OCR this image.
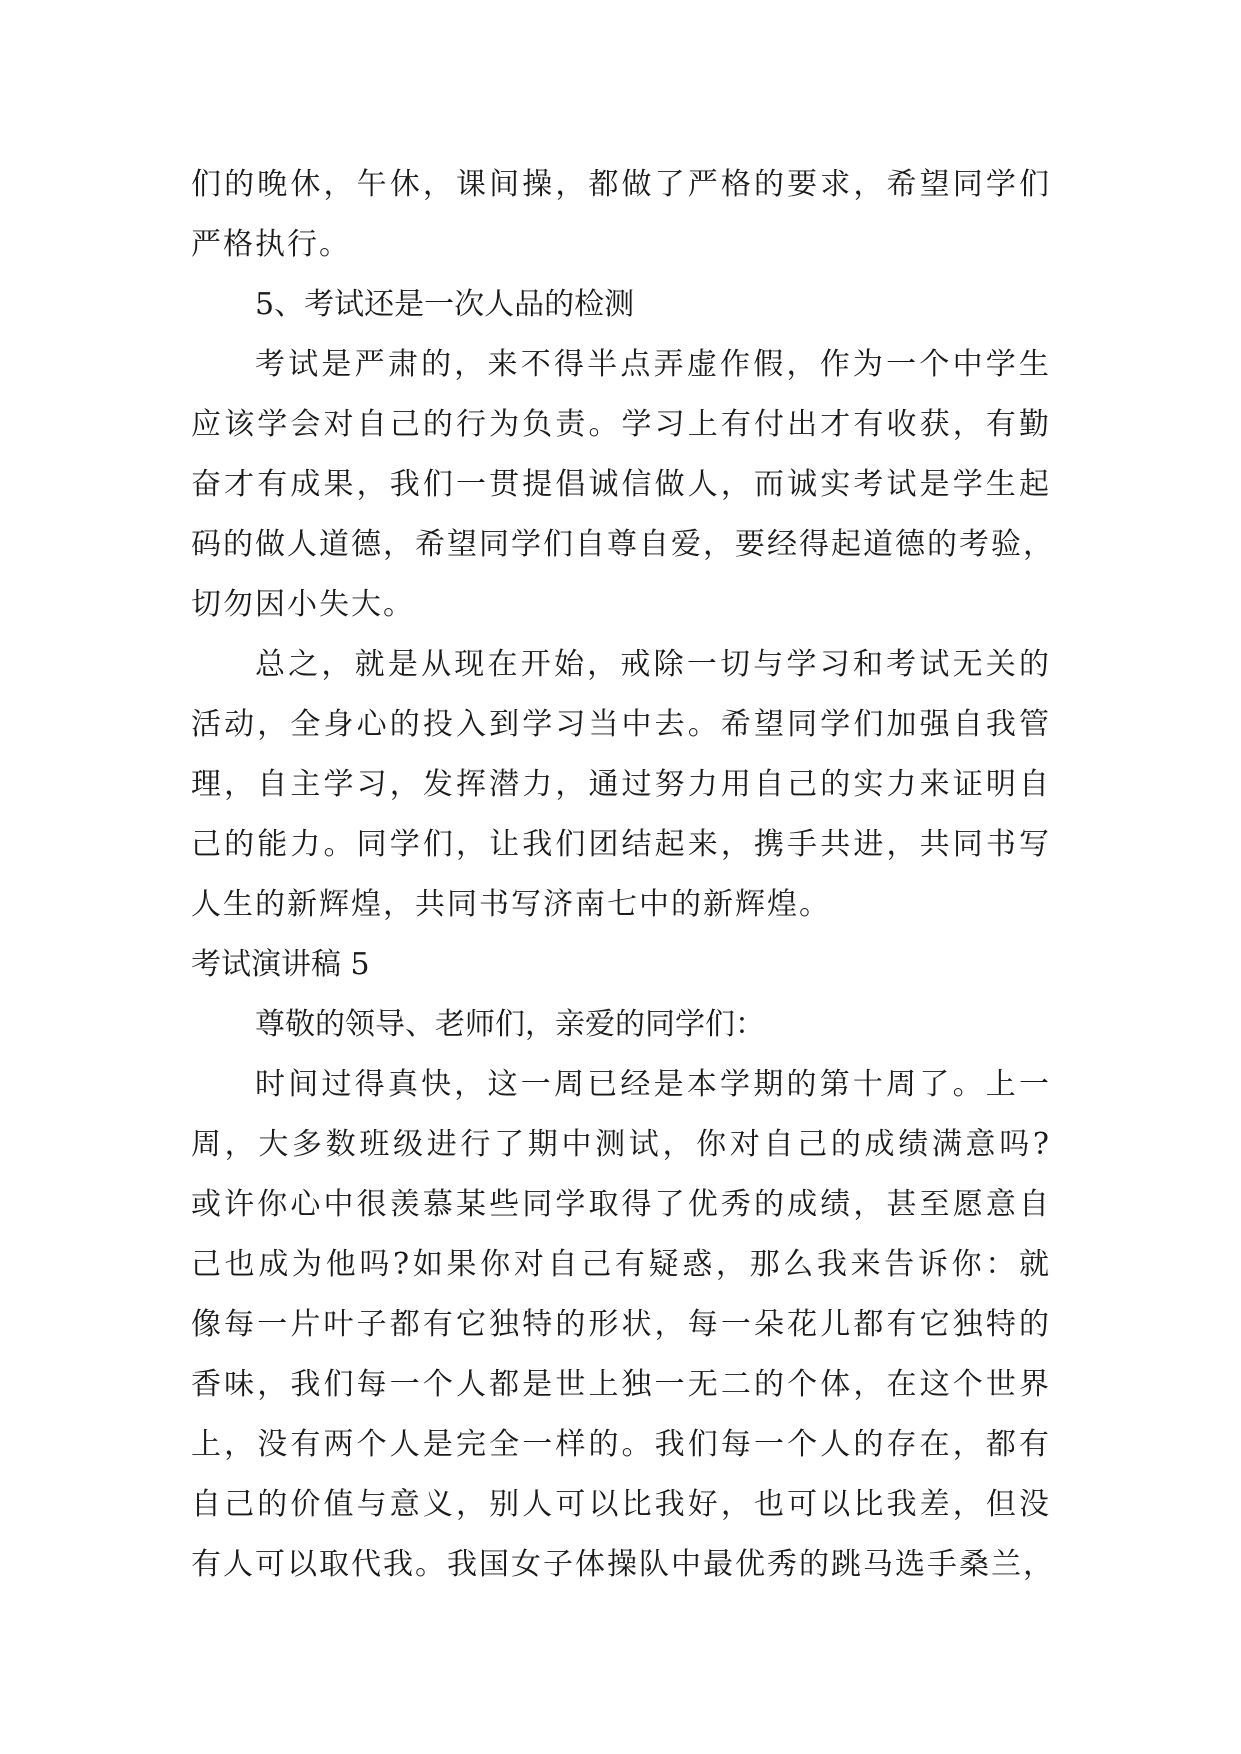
们的晚休，午休，课间操，都做了严格的要求，希望同学们
严格执行。
5、考试还是一次人品的检测
考试是严肃的，来不得半点弄虚作假，作为一个中学生
应该学会对自己的行为负责。学习上有付出才有收获，有勤
奋才有成果，我们一贯提倡诚信做人，而诚实考试是学生起
码的做人道德，希望同学们自尊自爱，要经得起道德的考验，
切勿因小失大。
总之，就是从现在开始，戒除一切与学习和考试无关的
活动，全身心的投入到学习当中去。希望同学们加强自我管
理，自主学习，发挥潜力，通过努力用自己的实力来证明自
己的能力。同学们，让我们团结起来，携手共进，共同书写
人生的新辉煌，共同书写济南七中的新辉煌。
考试演讲稿 5
尊敬的领导、老师们，亲爱的同学们：
时间过得真快，这一周已经是本学期的第十周了。上一
周，大多数班级进行了期中测试，你对自己的成绩满意吗?
或许你心中很羡慕某些同学取得了优秀的成绩，甚至愿意自
己也成为他吗?如果你对自己有疑惑，那么我来告诉你：就
像每一片叶子都有它独特的形状，每一朵花儿都有它独特的
香味，我们每一个人都是世上独一无二的个体，在这个世界
上，没有两个人是完全一样的。我们每一个人的存在，都有
自己的价值与意义，别人可以比我好，也可以比我差，但没
有人可以取代我。我国女子体操队中最优秀的跳马选手桑兰，
